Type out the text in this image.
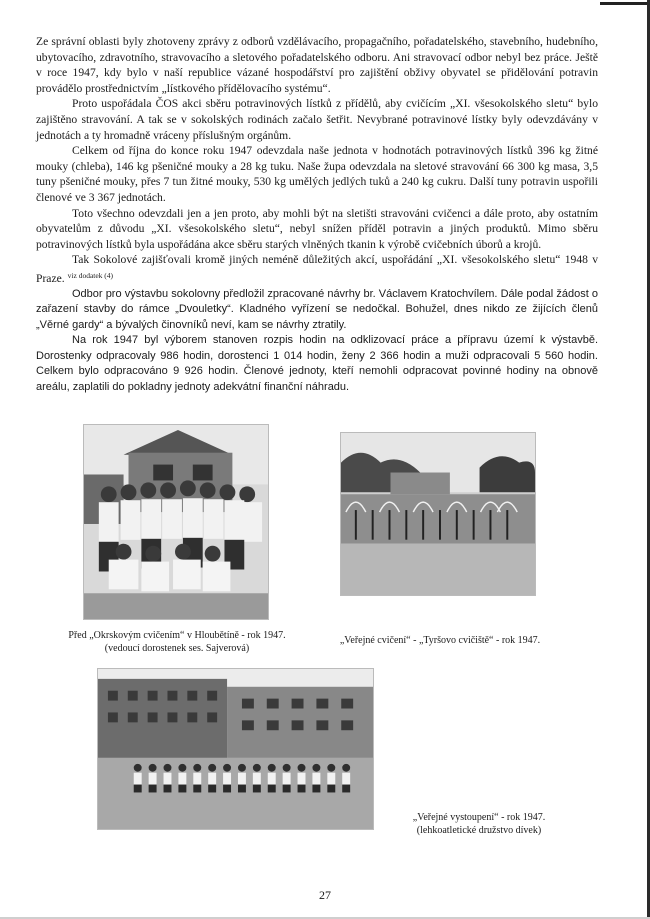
Ze správní oblasti byly zhotoveny zprávy z odborů vzdělávacího, propagačního, pořadatelského, stavebního, hudebního, ubytovacího, zdravotního, stravovacího a sletového pořadatelského odboru. Ani stravovací odbor nebyl bez práce. Ještě v roce 1947, kdy bylo v naší republice vázané hospodářství pro zajištění obživy obyvatel se přidělování potravin provádělo prostřednictvím „lístkového přídělovacího systému“.

Proto uspořádala ČOS akci sběru potravinových lístků z přídělů, aby cvičícím „XI. všesokolského sletu“ bylo zajištěno stravování. A tak se v sokolských rodinách začalo šetřit. Nevybrané potravinové lístky byly odevzdávány v jednotách a ty hromadně vráceny příslušným orgánům.

Celkem od října do konce roku 1947 odevzdala naše jednota v hodnotách potravinových lístků 396 kg žitné mouky (chleba), 146 kg pšeničné mouky a 28 kg tuku. Naše župa odevzdala na sletové stravování 66 300 kg masa, 3,5 tuny pšeničné mouky, přes 7 tun žitné mouky, 530 kg umělých jedlých tuků a 240 kg cukru. Další tuny potravin uspořili členové ve 3 367 jednotách.

Toto všechno odevzdali jen a jen proto, aby mohli být na sletišti stravováni cvičenci a dále proto, aby ostatním obyvatelům z důvodu „XI. všesokolského sletu“, nebyl snížen příděl potravin a jiných produktů. Mimo sběru potravinových lístků byla uspořádána akce sběru starých vlněných tkanin k výrobě cvičebních úborů a krojů.

Tak Sokolové zajišťovali kromě jiných neméně důležitých akcí, uspořádání „XI. všesokolského sletu“ 1948 v Praze. $^{viz dodatek (4)}$

Odbor pro výstavbu sokolovny předložil zpracované návrhy br. Václavem Kratochvílem. Dále podal žádost o zařazení stavby do rámce „Dvouletky“. Kladného vyřízení se nedočkal. Bohužel, dnes nikdo ze žijících členů „Věrné gardy“ a bývalých činovníků neví, kam se návrhy ztratily.

Na rok 1947 byl výborem stanoven rozpis hodin na odklizovací práce a přípravu území k výstavbě. Dorostenky odpracovaly 986 hodin, dorostenci 1 014 hodin, ženy 2 366 hodin a muži odpracovali 5 560 hodin. Celkem bylo odpracováno 9 926 hodin. Členové jednoty, kteří nemohli odpracovat povinné hodiny na obnově areálu, zaplatili do pokladny jednoty adekvátní finanční náhradu.

Před „Okrskovým cvičením“ v Hloubětíně - rok 1947.
(vedoucí dorostenek ses. Sajverová)
„Veřejné cvičení“ - „Tyršovo cvičiště“ - rok 1947.
„Veřejné vystoupení“ - rok 1947.
(lehkoatletické družstvo dívek)
27
